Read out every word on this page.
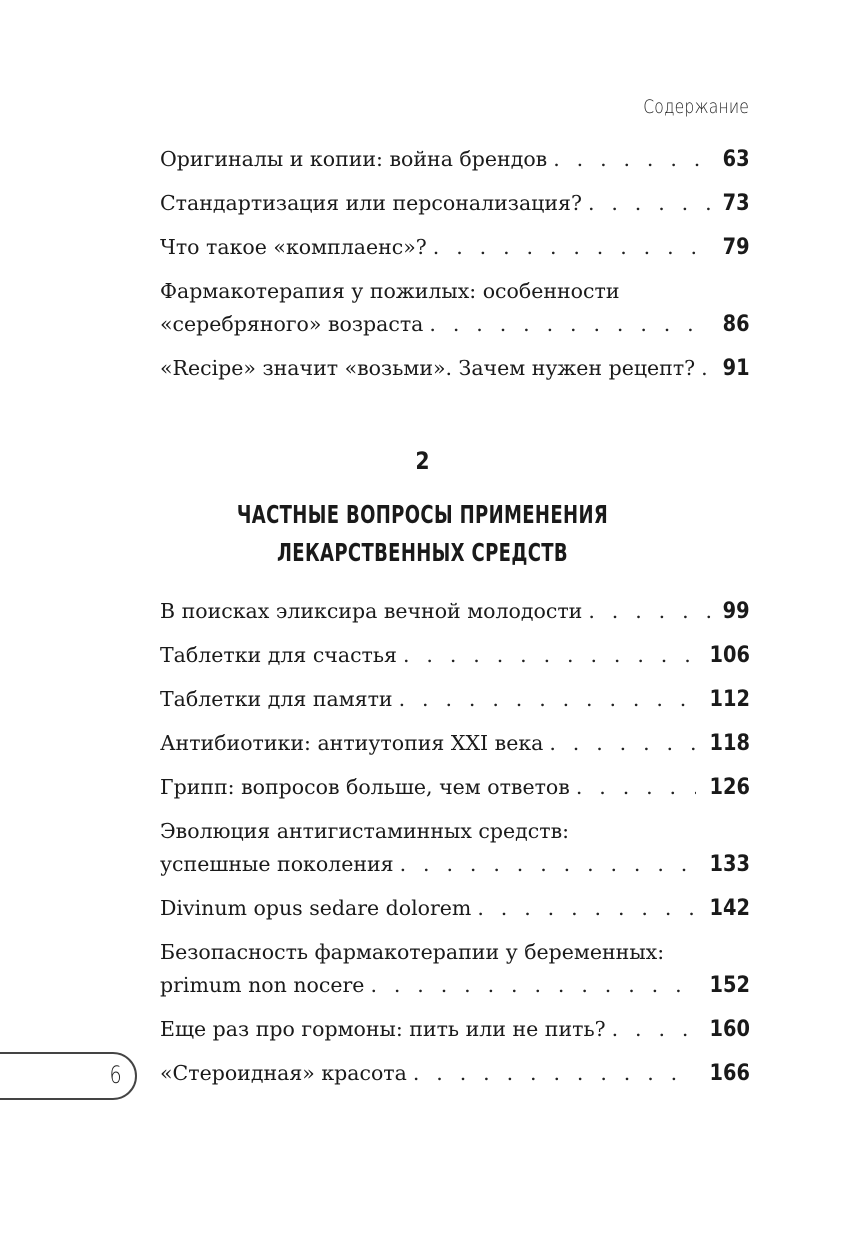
Содержание
Оригиналы и копии: война брендов . . .	63
Стандартизация или персонализация? . . .	73
Что такое «комплаенс»? . . .	79
Фармакотерапия у пожилых: особенности
«серебряного» возраста . . .	86
«Recipe» значит «возьми». Зачем нужен рецепт? . . . 91
2
ЧАСТНЫЕ ВОПРОСЫ ПРИМЕНЕНИЯ
ЛЕКАРСТВЕННЫХ СРЕДСТВ
В поисках эликсира вечной молодости . . .	99
Таблетки для счастья . . .	106
Таблетки для памяти . . .	112
Антибиотики: антиутопия XXI века . . .	118
Грипп: вопросов больше, чем ответов . . .	126
Эволюция антигистаминных средств:
успешные поколения . . .	133
Divinum opus sedare dolorem . . .	142
Безопасность фармакотерапии у беременных:
primum non nocere . . .	152
Еще раз про гормоны: пить или не пить? . . .	160
«Стероидная» красота . . .	166
6
